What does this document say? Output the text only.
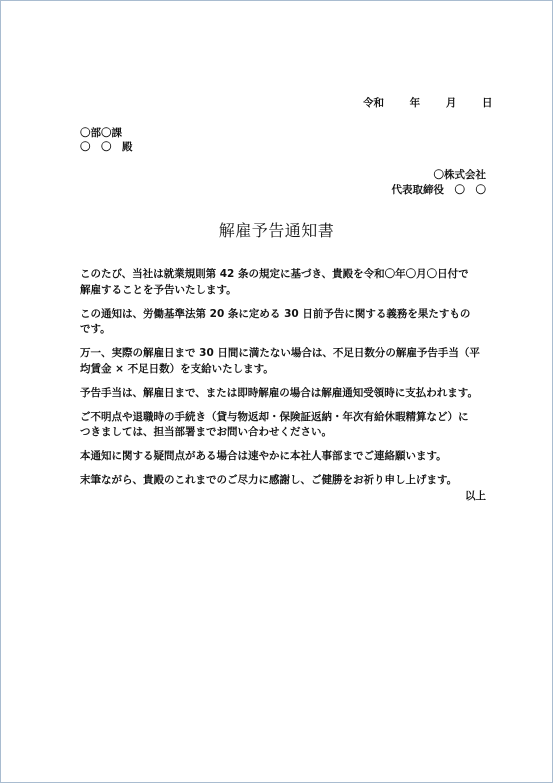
令和 年 月 日
〇部〇課
〇　〇　殿
〇株式会社
代表取締役　〇　〇
解雇予告通知書

このたび、当社は就業規則第 42 条の規定に基づき、貴殿を令和〇年〇月〇日付で
解雇することを予告いたします。

この通知は、労働基準法第 20 条に定める 30 日前予告に関する義務を果たすもの
です。

万一、実際の解雇日まで 30 日間に満たない場合は、不足日数分の解雇予告手当（平
均賃金 × 不足日数）を支給いたします。

予告手当は、解雇日まで、または即時解雇の場合は解雇通知受領時に支払われます。

ご不明点や退職時の手続き（貸与物返却・保険証返納・年次有給休暇精算など）に
つきましては、担当部署までお問い合わせください。

本通知に関する疑問点がある場合は速やかに本社人事部までご連絡願います。

末筆ながら、貴殿のこれまでのご尽力に感謝し、ご健勝をお祈り申し上げます。

以上
